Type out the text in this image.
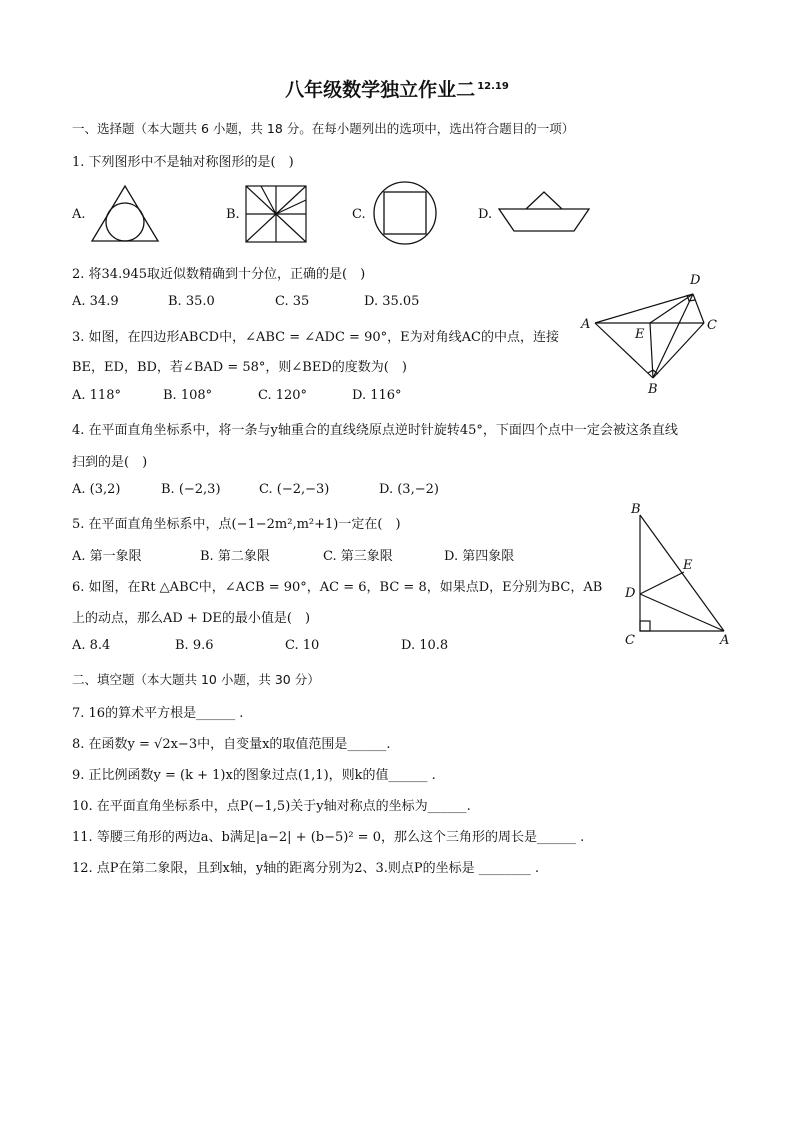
八年级数学独立作业二 $^{12.19}$
一、选择题（本大题共 6 小题，共 18 分。在每小题列出的选项中，选出符合题目的一项）
1. 下列图形中不是轴对称图形的是(　)
A.	B.	C.	D.
2. 将34.945取近似数精确到十分位，正确的是(　)
A. 34.9	B. 35.0	C. 35	D. 35.05
3. 如图，在四边形ABCD中，∠ABC = ∠ADC = 90°，E为对角线AC的中点，连接
BE，ED，BD，若∠BAD = 58°，则∠BED的度数为(　)
A. 118°	B. 108°	C. 120°	D. 116°
A
D
C
E
B
4. 在平面直角坐标系中，将一条与y轴重合的直线绕原点逆时针旋转45°，下面四个点中一定会被这条直线
扫到的是(　)
A. (3,2)	B. (−2,3)	C. (−2,−3)	D. (3,−2)
5. 在平面直角坐标系中，点(−1−2m²,m²+1)一定在(　)
A. 第一象限	B. 第二象限	C. 第三象限	D. 第四象限
6. 如图，在Rt △ABC中，∠ACB = 90°，AC = 6，BC = 8，如果点D，E分别为BC，AB
上的动点，那么AD + DE的最小值是(　)
A. 8.4	B. 9.6	C. 10	D. 10.8
B
E
D
C	A
二、填空题（本大题共 10 小题，共 30 分）
7. 16的算术平方根是______ .
8. 在函数y = √2x−3中，自变量x的取值范围是______.
9. 正比例函数y = (k + 1)x的图象过点(1,1)，则k的值______ .
10. 在平面直角坐标系中，点P(−1,5)关于y轴对称点的坐标为______.
11. 等腰三角形的两边a、b满足|a−2| + (b−5)² = 0，那么这个三角形的周长是______ .
12. 点P在第二象限，且到x轴，y轴的距离分别为2、3.则点P的坐标是 ________ .
